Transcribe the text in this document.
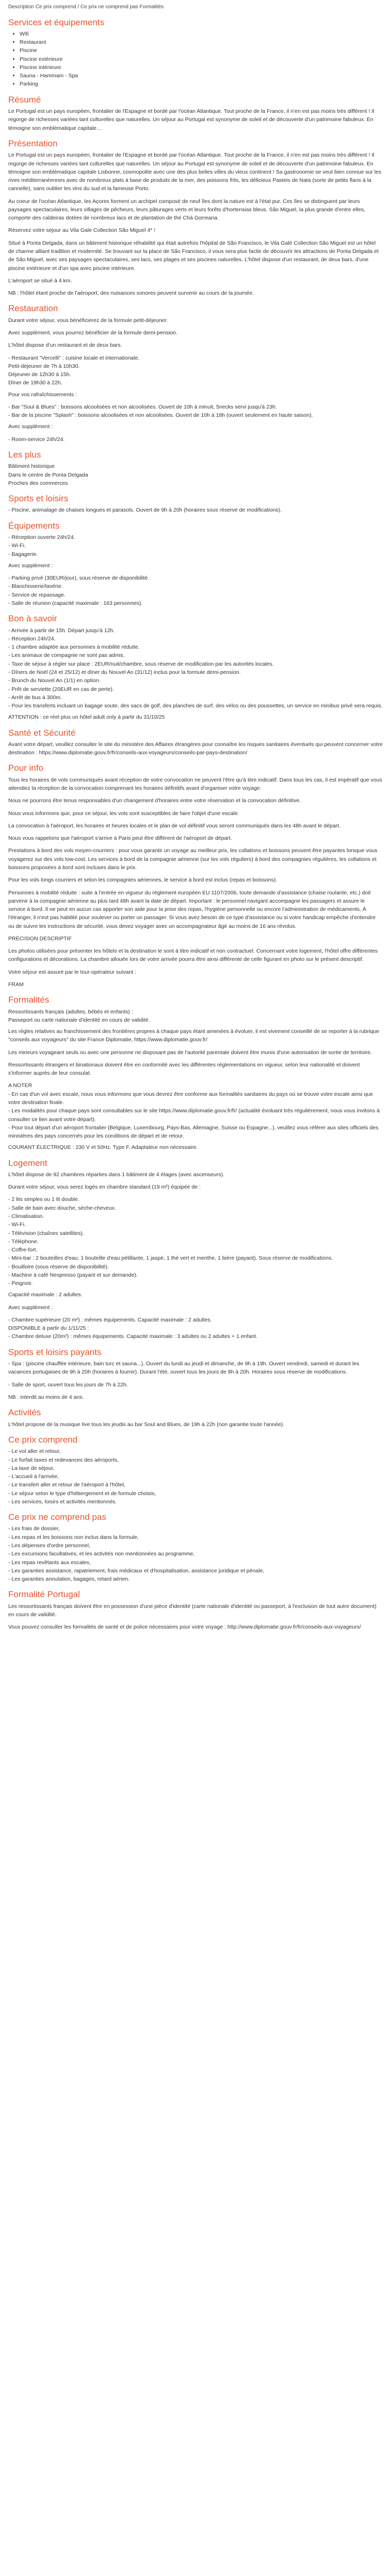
Description Ce prix comprend / Ce prix ne comprend pas Formalités
Services et équipements
• Wifi
• Restaurant
• Piscine
• Piscine extérieure
• Piscine intérieure
• Sauna - Hammam - Spa
• Parking
Résumé

Le Portugal est un pays européen, frontalier de l'Espagne et bordé par l'océan Atlantique. Tout proche de la France, il n'en est pas moins très différent ! Il regorge de richesses variées tant culturelles que naturelles. Un séjour au Portugal est synonyme de soleil et de découverte d'un patrimoine fabuleux. En témoigne son emblématique capitale…

Présentation

Le Portugal est un pays européen, frontalier de l'Espagne et bordé par l'océan Atlantique. Tout proche de la France, il n'en est pas moins très différent ! Il regorge de richesses variées tant culturelles que naturelles. Un séjour au Portugal est synonyme de soleil et de découverte d'un patrimoine fabuleux. En témoigne son emblématique capitale Lisbonne, cosmopolite avec une des plus belles villes du vieux continent ! Sa gastronomie se veut bien connue sur les rives méditerranéennes avec de nombreux plats à base de produits de la mer, des poissons frits, les délicieux Pasteis de Nata (sorte de petits flans à la cannelle), sans oublier les vins du sud et la fameuse Porto.

Au coeur de l'océan Atlantique, les Açores forment un archipel composé de neuf îles dont la nature est à l'état pur. Ces îles se distinguent par leurs paysages spectaculaires, leurs villages de pêcheurs, leurs pâturages verts et leurs forêts d'hortensias bleus. São Miguel, la plus grande d'entre elles, comporte des caldeiras dotées de nombreux lacs et de plantation de thé Chá Gorreana.

Réservez votre séjour au Vila Gale Collection São Miguel 4* !

Situé à Ponta Delgada, dans un bâtiment historique réhabilité qui était autrefois l'hôpital de São Francisco, le Vila Galé Collection São Miguel est un hôtel de charme alliant tradition et modernité. Se trouvant sur la place de São Francisco, il vous sera plus facile de découvrir les attractions de Ponta Delgada et de São Miguel, avec ses paysages spectaculaires, ses lacs, ses plages et ses piscines naturelles. L'hôtel dispose d'un restaurant, de deux bars, d'une piscine extérieure et d'un spa avec piscine intérieure.

L'aéroport se situé à 4 km.

NB : l'hôtel étant proche de l'aéroport, des nuisances sonores peuvent survenir au cours de la journée.

Restauration

Durant votre séjour, vous bénéficierez de la formule petit-déjeuner.

Avec supplément, vous pourrez bénéficier de la formule demi-pension.

L'hôtel dispose d'un restaurant et de deux bars.

- Restaurant "Vercelli" : cuisine locale et internationale.
Petit-déjeuner de 7h à 10h30.
Déjeuner de 12h30 à 15h.
Dîner de 19h30 à 22h.

Pour vos rafraîchissements :

- Bar "Soul & Blues" : boissons alcoolisées et non alcoolisées. Ouvert de 10h à minuit, 5necks servi jusqu'à 23h.
- Bar de la piscine "Splash" : boissons alcoolisées et non alcoolisées. Ouvert de 10h à 18h (ouvert seulement en haute saison).

Avec supplément :

- Room-service 24h/24.
Les plus
Bâtiment historique
Dans le centre de Ponta Delgada
Proches des commerces
Sports et loisirs

- Piscine, animalage de chaises longues et parasols. Ouvert de 9h à 20h (horaires sous réserve de modifications).

Équipements
- Réception ouverte 24h/24.
- Wi-Fi.
- Bagagerie.

Avec supplément :

- Parking privé (30EUR/jour), sous réserve de disponibilité.
- Blanchisserie/lavérie.
- Service de repassage.
- Salle de réunion (capacité maximale : 163 personnes).
Bon à savoir
- Arrivée à partir de 15h. Départ jusqu'à 12h.
- Réception 24h/24.
- 1 chambre adaptée aux personnes à mobilité réduite.
- Les animaux de compagnie ne sont pas admis.
- Taxe de séjour à régler sur place : 2EUR/nuit/chambre, sous réserve de modification par les autorités locales.
- Dîners de Noël (24 et 25/12) et dîner du Nouvel An (31/12) inclus pour la formule demi-pension.
- Brunch du Nouvel An (1/1) en option.
- Prêt de serviette (20EUR en cas de perte).
- Arrêt de bus à 300m.
- Pour les transferts incluant un bagage soute, des sacs de golf, des planches de surf, des vélos ou des poussettes, un service en minibus privé sera requis.

ATTENTION : ce réel plus un hôtel adult only à partir du 31/10/25

Santé et Sécurité

Avant votre départ, veuillez consulter le site du ministère des Affaires étrangères pour connaître les risques sanitaires éventuels qui peuvent concerner votre destination : https://www.diplomatie.gouv.fr/fr/conseils-aux-voyageurs/conseils-par-pays-destination/

Pour info

Tous les horaires de vols communiqués avant réception de votre convocation ne peuvent l'être qu'à titre indicatif. Dans tous les cas, il est impératif que vous attendiez la réception de la convocation comprenant les horaires définitifs avant d'organiser votre voyage.

Nous ne pourrons être tenus responsables d'un changement d'horaires entre votre réservation et la convocation définitive.

Nous vous informons que, pour ce séjour, les vols sont susceptibles de faire l'objet d'une escale.

La convocation à l'aéroport, les horaires et heures locales et le plan de vol définitif vous seront communiqués dans les 48h avant le départ.

Nous vous rappelons que l'aéroport s'arrive à Paris peut être différent de l'aéroport de départ.

Prestations à bord des vols moyen-courriers : pour vous garantir un voyage au meilleur prix, les collations et boissons peuvent être payantes lorsque vous voyagerez sur des vols low-cost. Les services à bord de la compagnie aérienne (sur les vols réguliers) à bord des compagnies régulières, les collations et boissons proposées à bord sont incluses dans le prix.

Pour les vols longs courriers et selon les compagnies aériennes, le service à bord est inclus (repas et boissons).

Personnes à mobilité réduite : suite à l'entrée en vigueur du règlement européen EU 1107/2006, toute demande d'assistance (chaise roulante, etc.) doit parvenir à la compagnie aérienne au plus tard 48h avant la date de départ. Important : le personnel navigant accompagne les passagers et assure le service à bord. Il ne peut en aucun cas apporter son aide pour la prise des repas, l'hygiène personnelle ou encore l'administration de médicaments. À l'étranger, il n'est pas habilité pour soulever ou porter un passager. Si vous avez besoin de ce type d'assistance ou si votre handicap empêche d'entendre ou de suivre les instructions de sécurité, vous devez voyager avec un accompagnateur âgé au moins de 16 ans révolus.

PRÉCISION DESCRIPTIF

Les photos utilisées pour présenter les hôtels et la destination le sont à titre indicatif et non contractuel. Concernant votre logement, l'hôtel offre différentes configurations et décorations. La chambre allouée lors de votre arrivée pourra être ainsi différente de celle figurant en photo sur le présent descriptif.

Votre séjour est assuré par le tour-opérateur suivant :

FRAM

Formalités
Ressortissants français (adultes, bébés et enfants) :
Passeport ou carte nationale d'identité en cours de validité.

Les règles relatives au franchissement des frontières propres à chaque pays étant amenées à évoluer, il est vivement conseillé de se reporter à la rubrique "conseils aux voyageurs" du site France Diplomatie, https://www.diplomatie.gouv.fr/

Les mineurs voyageant seuls ou avec une personne ne disposant pas de l'autorité parentale doivent être munis d'une autorisation de sortie de territoire.

Ressortissants étrangers et binationaux doivent être en conformité avec les différentes réglementations en vigueur, selon leur nationalité et doivent s'informer auprès de leur consulat.

A NOTER
- En cas d'un vol avec escale, nous vous informons que vous devrez être conforme aux formalités sanitaires du pays où se trouve votre escale ainsi que votre destination finale.
- Les modalités pour chaque pays sont consultables sur le site https://www.diplomatie.gouv.fr/fr/ (actualité évoluant très régulièrement, nous vous invitons à consulter ce lien avant votre départ).
- Pour tout départ d'un aéroport frontalier (Belgique, Luxembourg, Pays-Bas, Allemagne, Suisse ou Espagne...), veuillez vous référer aux sites officiels des ministères des pays concernés pour les conditions de départ et de retour.

COURANT ÉLECTRIQUE : 230 V et 50Hz. Type F. Adaptateur non nécessaire.

Logement

L'hôtel dispose de 92 chambres réparties dans 1 bâtiment de 4 étages (avec ascenseurs).

Durant votre séjour, vous serez logés en chambre standard (19 m²) équipée de :

- 2 lits simples ou 1 lit double.
- Salle de bain avec douche, sèche-cheveux.
- Climatisation.
- Wi-Fi.
- Télévision (chaînes satellites).
- Téléphone.
- Coffre-fort.
- Mini-bar : 2 bouteilles d'eau, 1 bouteille d'eau pétillante, 1 jaspé, 1 thé vert et menthe, 1 bière (payant). Sous réserve de modifications.
- Bouilloire (sous réserve de disponibilité).
- Machine à café Nespresso (payant et sur demande).
- Peignoir.

Capacité maximale : 2 adultes.

Avec supplément :

- Chambre supérieure (20 m²) : mêmes équipements. Capacité maximale : 2 adultes.
DISPONIBLE à partir du 1/11/25 :
- Chambre deluxe (20m²) : mêmes équipements. Capacité maximale : 3 adultes ou 2 adultes + 1 enfant.
Sports et loisirs payants

- Spa : (piscine chauffée intérieure, bain turc et sauna...). Ouvert du lundi au jeudi et dimanche, de 9h à 19h. Ouvert vendredi, samedi et durant les vacances portugaises de 9h à 20h (horaires à fournir). Durant l'été, ouvert tous les jours de 9h à 20h. Horaires sous réserve de modifications.

- Salle de sport, ouvert tous les jours de 7h à 22h.

NB : interdit au moins de 4 ans.

Activités

L'hôtel propose de la musique live tous les jeudis au bar Soul and Blues, de 19h à 22h (non garantie toute l'année).

Ce prix comprend
- Le vol aller et retour,
- Le forfait taxes et redevances des aéroports,
- La taxe de séjour,
- L'accueil à l'arrivée,
- Le transfert aller et retour de l'aéroport à l'hôtel,
- Le séjour selon le type d'hébergement et de formule choisis,
- Les services, loisirs et activités mentionnés.
Ce prix ne comprend pas
- Les frais de dossier,
- Les repas et les boissons non inclus dans la formule,
- Les dépenses d'ordre personnel,
- Les excursions facultatives, et les activités non mentionnées au programme,
- Les repas revêtants aux escales,
- Les garanties assistance, rapatriement, frais médicaux et d'hospitalisation, assistance juridique et pénale,
- Les garanties annulation, bagages, retard aérien.
Formalité Portugal

Les ressortissants français doivent être en possession d'une pièce d'identité (carte nationale d'identité ou passeport, à l'exclusion de tout autre document) en cours de validité.

Vous pouvez consulter les formalités de santé et de police nécessaires pour votre voyage : http://www.diplomatie.gouv.fr/fr/conseils-aux-voyageurs/
